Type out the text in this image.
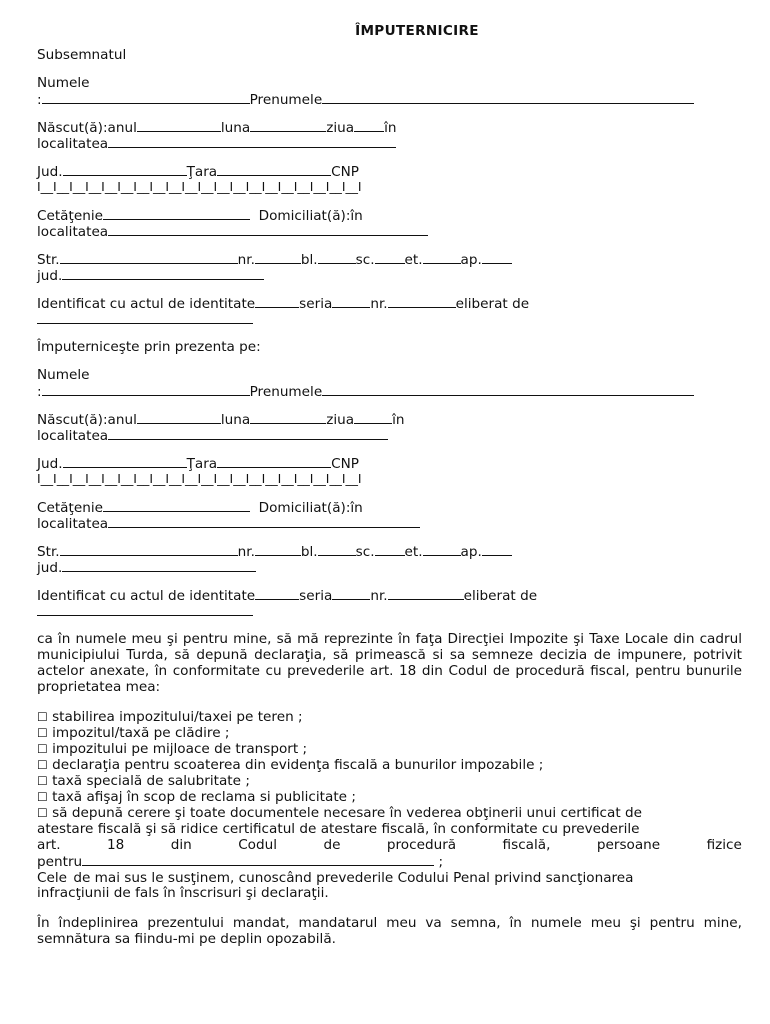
ÎMPUTERNICIRE
Subsemnatul
Numele
:	Prenumele
Născut(ă):anul	luna	ziua în
localitatea
Jud.	Ţara	CNP
I__I__I__I__I__I__I__I__I__I__I__I__I__I__I__I__I__I__I__I__I
Cetăţenie	Domiciliat(ă):în
localitatea
Str.	nr.	bl.	sc. et.	ap.
jud.
Identificat cu actul de identitate	seria	nr.	eliberat de
Împuterniceşte prin prezenta pe:
Numele
:	Prenumele
Născut(ă):anul	luna	ziua	în
localitatea
Jud.	Ţara	CNP
I__I__I__I__I__I__I__I__I__I__I__I__I__I__I__I__I__I__I__I__I
Cetăţenie	Domiciliat(ă):în
localitatea
Str.	nr.	bl.	sc. et.	ap.
jud.
Identificat cu actul de identitate	seria	nr.	eliberat de
ca în numele meu şi pentru mine, să mă reprezinte în faţa Direcţiei Impozite şi Taxe Locale din cadrul municipiului Turda, să depună declaraţia, să primească si sa semneze decizia de impunere, potrivit actelor anexate, în conformitate cu prevederile art. 18 din Codul de procedură fiscal, pentru bunurile proprietatea mea:
☐ stabilirea impozitului/taxei pe teren ;
☐ impozitul/taxă pe clădire ;
☐ impozitului pe mijloace de transport ;
☐ declaraţia pentru scoaterea din evidenţa fiscală a bunurilor impozabile ;
☐ taxă specială de salubritate ;
☐ taxă afişaj în scop de reclama si publicitate ;
☐ să depună cerere şi toate documentele necesare în vederea obţinerii unui certificat de
atestare fiscală şi să ridice certificatul de atestare fiscală, în conformitate cu prevederile
art.	18	din	Codul	de	procedură	fiscală,	persoane	fizice
pentru	;
Cele de mai sus le susţinem, cunoscând prevederile Codului Penal privind sancţionarea
infracţiunii de fals în înscrisuri şi declaraţii.
În îndeplinirea prezentului mandat, mandatarul meu va semna, în numele meu şi pentru mine, semnătura sa fiindu-mi pe deplin opozabilă.
